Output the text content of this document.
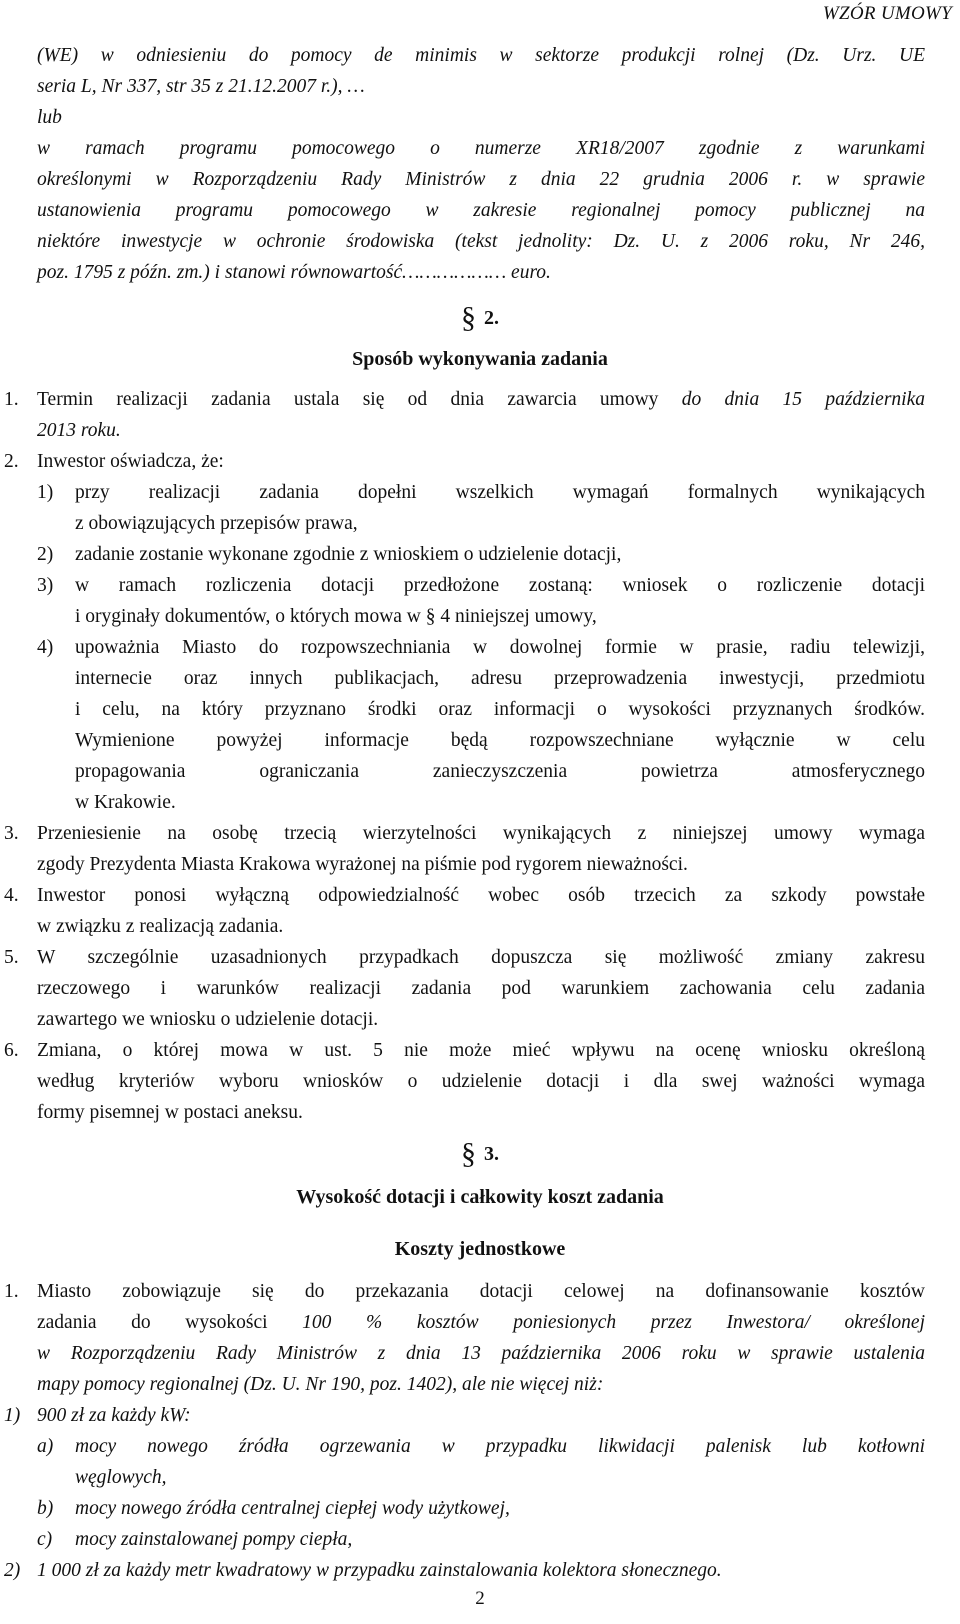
WZÓR UMOWY
(WE) w odniesieniu do pomocy de minimis w sektorze produkcji rolnej (Dz. Urz. UE
seria L, Nr 337, str 35 z 21.12.2007 r.), …
lub
w ramach programu pomocowego o numerze XR18/2007 zgodnie z warunkami
określonymi w Rozporządzeniu Rady Ministrów z dnia 22 grudnia 2006 r. w sprawie
ustanowienia programu pomocowego w zakresie regionalnej pomocy publicznej na
niektóre inwestycje w ochronie środowiska (tekst jednolity: Dz. U. z 2006 roku, Nr 246,
poz. 1795 z późn. zm.) i stanowi równowartość……………… euro.
§ 2.
Sposób wykonywania zadania
1. Termin realizacji zadania ustala się od dnia zawarcia umowy do dnia 15 października
2013 roku.
2. Inwestor oświadcza, że:
1) przy realizacji zadania dopełni wszelkich wymagań formalnych wynikających
z obowiązujących przepisów prawa,
2) zadanie zostanie wykonane zgodnie z wnioskiem o udzielenie dotacji,
3) w ramach rozliczenia dotacji przedłożone zostaną: wniosek o rozliczenie dotacji
i oryginały dokumentów, o których mowa w § 4 niniejszej umowy,
4) upoważnia Miasto do rozpowszechniania w dowolnej formie w prasie, radiu telewizji,
internecie oraz innych publikacjach, adresu przeprowadzenia inwestycji, przedmiotu
i celu, na który przyznano środki oraz informacji o wysokości przyznanych środków.
Wymienione powyżej informacje będą rozpowszechniane wyłącznie w celu
propagowania ograniczania zanieczyszczenia powietrza atmosferycznego
w Krakowie.
3. Przeniesienie na osobę trzecią wierzytelności wynikających z niniejszej umowy wymaga
zgody Prezydenta Miasta Krakowa wyrażonej na piśmie pod rygorem nieważności.
4. Inwestor ponosi wyłączną odpowiedzialność wobec osób trzecich za szkody powstałe
w związku z realizacją zadania.
5. W szczególnie uzasadnionych przypadkach dopuszcza się możliwość zmiany zakresu
rzeczowego i warunków realizacji zadania pod warunkiem zachowania celu zadania
zawartego we wniosku o udzielenie dotacji.
6. Zmiana, o której mowa w ust. 5 nie może mieć wpływu na ocenę wniosku określoną
według kryteriów wyboru wniosków o udzielenie dotacji i dla swej ważności wymaga
formy pisemnej w postaci aneksu.
§ 3.
Wysokość dotacji i całkowity koszt zadania
Koszty jednostkowe
1. Miasto zobowiązuje się do przekazania dotacji celowej na dofinansowanie kosztów
zadania do wysokości 100 % kosztów poniesionych przez Inwestora/ określonej
w Rozporządzeniu Rady Ministrów z dnia 13 października 2006 roku w sprawie ustalenia
mapy pomocy regionalnej (Dz. U. Nr 190, poz. 1402), ale nie więcej niż:
1) 900 zł za każdy kW:
a) mocy nowego źródła ogrzewania w przypadku likwidacji palenisk lub kotłowni
węglowych,
b) mocy nowego źródła centralnej ciepłej wody użytkowej,
c) mocy zainstalowanej pompy ciepła,
2) 1 000 zł za każdy metr kwadratowy w przypadku zainstalowania kolektora słonecznego.
2
